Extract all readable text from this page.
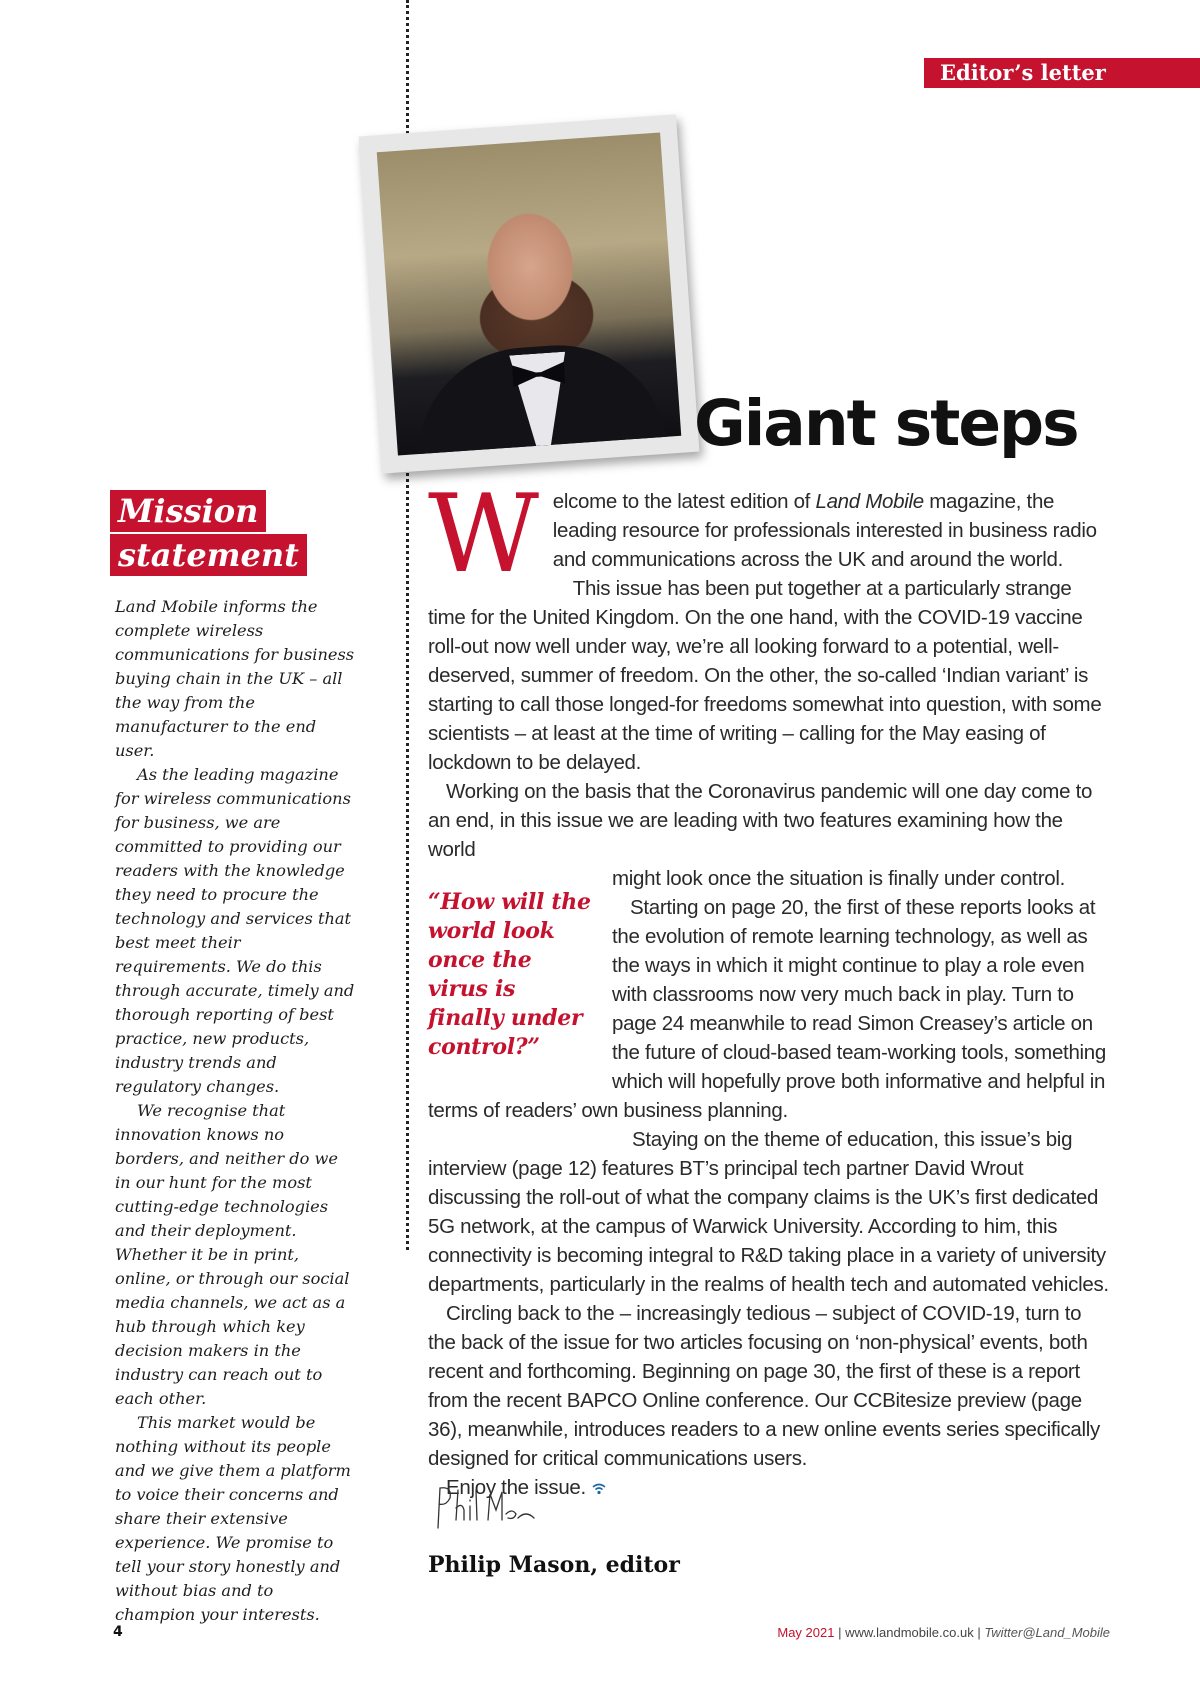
Editor’s letter
Giant steps
Mission
statement

Land Mobile informs the complete wireless communications for business buying chain in the UK – all the way from the manufacturer to the end user.

As the leading magazine for wireless communications for business, we are committed to providing our readers with the knowledge they need to procure the technology and services that best meet their requirements. We do this through accurate, timely and thorough reporting of best practice, new products, industry trends and regulatory changes.

We recognise that innovation knows no borders, and neither do we in our hunt for the most cutting-edge technologies and their deployment. Whether it be in print, online, or through our social media channels, we act as a hub through which key decision makers in the industry can reach out to each other.

This market would be nothing without its people and we give them a platform to voice their concerns and share their extensive experience. We promise to tell your story honestly and without bias and to champion your interests.

Welcome to the latest edition of Land Mobile magazine, the leading resource for professionals interested in business radio and communications across the UK and around the world.

This issue has been put together at a particularly strange time for the United Kingdom. On the one hand, with the COVID-19 vaccine roll-out now well under way, we’re all looking forward to a potential, well-deserved, summer of freedom. On the other, the so-called ‘Indian variant’ is starting to call those longed-for freedoms somewhat into question, with some scientists – at least at the time of writing – calling for the May easing of lockdown to be delayed.

Working on the basis that the Coronavirus pandemic will one day come to an end, in this issue we are leading with two features examining how the world

“How will the world look once the virus is finally under control?”

might look once the situation is finally under control.

Starting on page 20, the first of these reports looks at the evolution of remote learning technology, as well as the ways in which it might continue to play a role even with classrooms now very much back in play. Turn to page 24 meanwhile to read Simon Creasey’s article on the future of cloud-based team-working tools, something which will hopefully prove both informative and helpful in terms of readers’ own business planning.

Staying on the theme of education, this issue’s big

interview (page 12) features BT’s principal tech partner David Wrout discussing the roll-out of what the company claims is the UK’s first dedicated 5G network, at the campus of Warwick University. According to him, this connectivity is becoming integral to R&D taking place in a variety of university departments, particularly in the realms of health tech and automated vehicles.

Circling back to the – increasingly tedious – subject of COVID-19, turn to the back of the issue for two articles focusing on ‘non-physical’ events, both recent and forthcoming. Beginning on page 30, the first of these is a report from the recent BAPCO Online conference. Our CCBitesize preview (page 36), meanwhile, introduces readers to a new online events series specifically designed for critical communications users.

Enjoy the issue.

Philip Mason, editor
4	May 2021 | www.landmobile.co.uk | Twitter@Land_Mobile
